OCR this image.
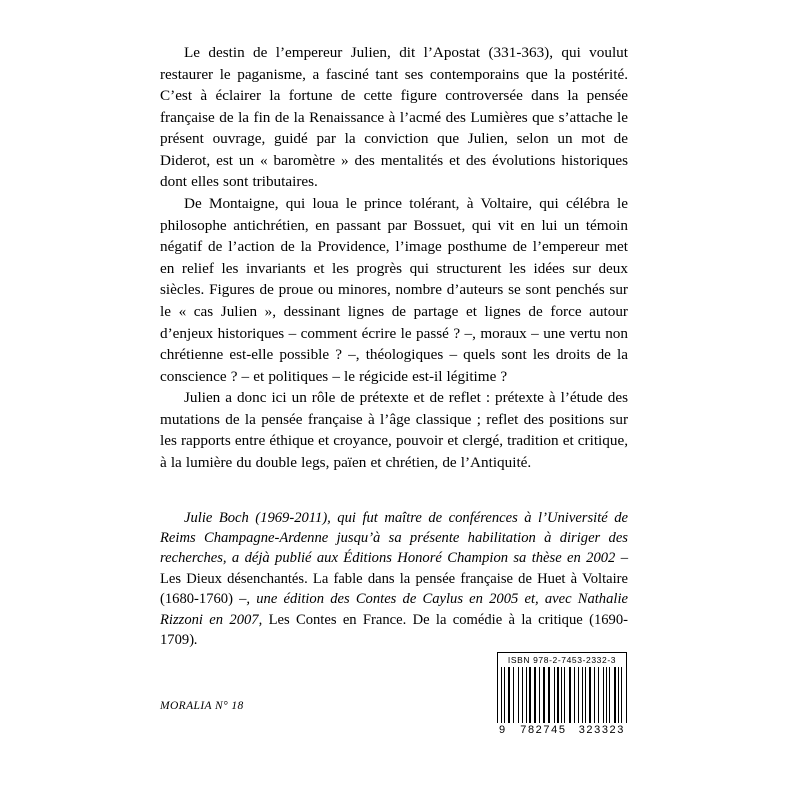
Le destin de l’empereur Julien, dit l’Apostat (331-363), qui voulut restaurer le paganisme, a fasciné tant ses contemporains que la postérité. C’est à éclairer la fortune de cette figure controversée dans la pensée française de la fin de la Renaissance à l’acmé des Lumières que s’attache le présent ouvrage, guidé par la conviction que Julien, selon un mot de Diderot, est un « baromètre » des mentalités et des évolutions historiques dont elles sont tributaires.

De Montaigne, qui loua le prince tolérant, à Voltaire, qui célébra le philosophe antichrétien, en passant par Bossuet, qui vit en lui un témoin négatif de l’action de la Providence, l’image posthume de l’empereur met en relief les invariants et les progrès qui structurent les idées sur deux siècles. Figures de proue ou minores, nombre d’auteurs se sont penchés sur le « cas Julien », dessinant lignes de partage et lignes de force autour d’enjeux historiques – comment écrire le passé ? –, moraux – une vertu non chrétienne est-elle possible ? –, théologiques – quels sont les droits de la conscience ? – et politiques – le régicide est-il légitime ?

Julien a donc ici un rôle de prétexte et de reflet : prétexte à l’étude des mutations de la pensée française à l’âge classique ; reflet des positions sur les rapports entre éthique et croyance, pouvoir et clergé, tradition et critique, à la lumière du double legs, païen et chrétien, de l’Antiquité.

Julie Boch (1969-2011), qui fut maître de conférences à l’Université de Reims Champagne-Ardenne jusqu’à sa présente habilitation à diriger des recherches, a déjà publié aux Éditions Honoré Champion sa thèse en 2002 – Les Dieux désenchantés. La fable dans la pensée française de Huet à Voltaire (1680-1760) –, une édition des Contes de Caylus en 2005 et, avec Nathalie Rizzoni en 2007, Les Contes en France. De la comédie à la critique (1690-1709).

MORALIA N° 18
ISBN 978-2-7453-2332-3
9 782745 323323
